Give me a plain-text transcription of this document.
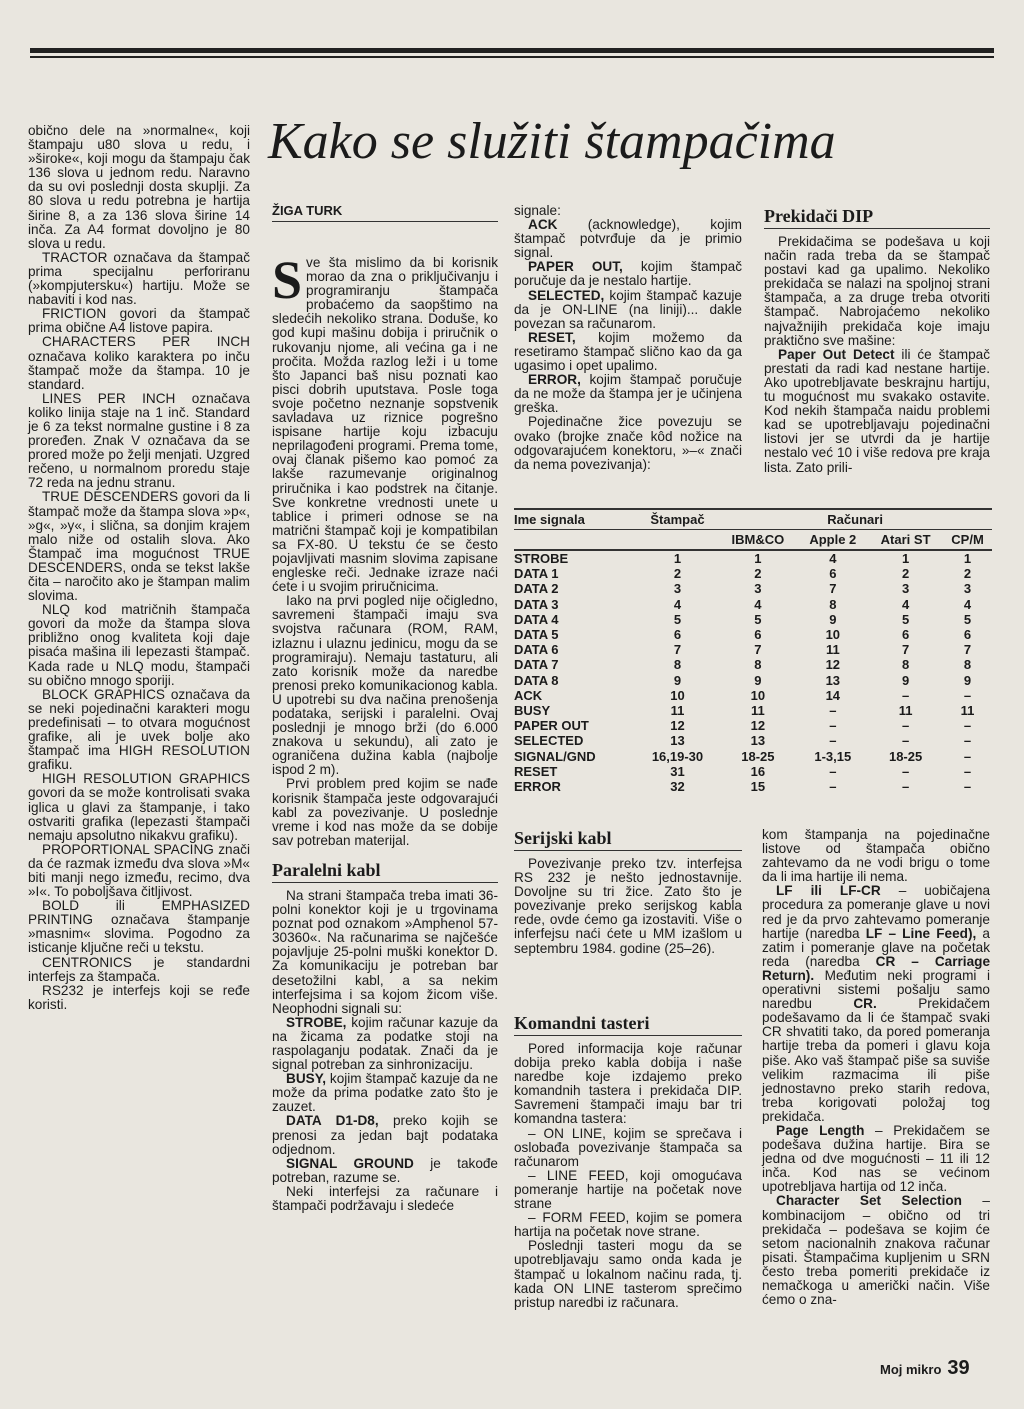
obično dele na »normalne«, koji štampaju u80 slova u redu, i »široke«, koji mogu da štampaju čak 136 slova u jednom redu. Naravno da su ovi poslednji dosta skuplji. Za 80 slova u redu potrebna je hartija širine 8, a za 136 slova širine 14 inča. Za A4 format dovoljno je 80 slova u redu.

TRACTOR označava da štampač prima specijalnu perforiranu (»kompjutersku«) hartiju. Može se nabaviti i kod nas.

FRICTION govori da štampač prima obične A4 listove papira.

CHARACTERS PER INCH označava koliko karaktera po inču štampač može da štampa. 10 je standard.

LINES PER INCH označava koliko linija staje na 1 inč. Standard je 6 za tekst normalne gustine i 8 za proređen. Znak V označava da se prored može po želji menjati. Uzgred rečeno, u normalnom proredu staje 72 reda na jednu stranu.

TRUE DESCENDERS govori da li štampač može da štampa slova »p«, »g«, »y«, i slična, sa donjim krajem malo niže od ostalih slova. Ako Štampač ima mogućnost TRUE DESCENDERS, onda se tekst lakše čita – naročito ako je štampan malim slovima.

NLQ kod matričnih štampača govori da može da štampa slova približno onog kvaliteta koji daje pisaća mašina ili lepezasti štampač. Kada rade u NLQ modu, štampači su obično mnogo sporiji.

BLOCK GRAPHICS označava da se neki pojedinačni karakteri mogu predefinisati – to otvara mogućnost grafike, ali je uvek bolje ako štampač ima HIGH RESOLUTION grafiku.

HIGH RESOLUTION GRAPHICS govori da se može kontrolisati svaka iglica u glavi za štampanje, i tako ostvariti grafika (lepezasti štampači nemaju apsolutno nikakvu grafiku).

PROPORTIONAL SPACING znači da će razmak između dva slova »M« biti manji nego između, recimo, dva »I«. To poboljšava čitljivost.

BOLD ili EMPHASIZED PRINTING označava štampanje »masnim« slovima. Pogodno za isticanje ključne reči u tekstu.

CENTRONICS je standardni interfejs za štampača.

RS232 je interfejs koji se ređe koristi.

Kako se služiti štampačima
ŽIGA TURK

Sve šta mislimo da bi korisnik morao da zna o priključivanju i programiranju štampača probaćemo da saopštimo na sledećih nekoliko strana. Doduše, ko god kupi mašinu dobija i priručnik o rukovanju njome, ali većina ga i ne pročita. Možda razlog leži i u tome što Japanci baš nisu poznati kao pisci dobrih uputstava. Posle toga svoje početno neznanje sopstvenik savladava uz riznice pogrešno ispisane hartije koju izbacuju neprilagođeni programi. Prema tome, ovaj članak pišemo kao pomoć za lakše razumevanje originalnog priručnika i kao podstrek na čitanje. Sve konkretne vrednosti unete u tablice i primeri odnose se na matrični štampač koji je kompatibilan sa FX-80. U tekstu će se često pojavljivati masnim slovima zapisane engleske reči. Jednake izraze naći ćete i u svojim priručnicima.

Iako na prvi pogled nije očigledno, savremeni štampači imaju sva svojstva računara (ROM, RAM, izlaznu i ulaznu jedinicu, mogu da se programiraju). Nemaju tastaturu, ali zato korisnik može da naredbe prenosi preko komunikacionog kabla. U upotrebi su dva načina prenošenja podataka, serijski i paralelni. Ovaj poslednji je mnogo brži (do 6.000 znakova u sekundu), ali zato je ograničena dužina kabla (najbolje ispod 2 m).

Prvi problem pred kojim se nađe korisnik štampača jeste odgovarajući kabl za povezivanje. U poslednje vreme i kod nas može da se dobije sav potreban materijal.

Paralelni kabl

Na strani štampača treba imati 36-polni konektor koji je u trgovinama poznat pod oznakom »Amphenol 57-30360«. Na računarima se najčešće pojavljuje 25-polni muški konektor D. Za komunikaciju je potreban bar desetožilni kabl, a sa nekim interfejsima i sa kojom žicom više. Neophodni signali su:

STROBE, kojim računar kazuje da na žicama za podatke stoji na raspolaganju podatak. Znači da je signal potreban za sinhronizaciju.

BUSY, kojim štampač kazuje da ne može da prima podatke zato što je zauzet.

DATA D1-D8, preko kojih se prenosi za jedan bajt podataka odjednom.

SIGNAL GROUND je takođe potreban, razume se.

Neki interfejsi za računare i štampači podržavaju i sledeće

signale:

ACK (acknowledge), kojim štampač potvrđuje da je primio signal.

PAPER OUT, kojim štampač poručuje da je nestalo hartije.

SELECTED, kojim štampač kazuje da je ON-LINE (na liniji)... dakle povezan sa računarom.

RESET, kojim možemo da resetiramo štampač slično kao da ga ugasimo i opet upalimo.

ERROR, kojim štampač poručuje da ne može da štampa jer je učinjena greška.

Pojedinačne žice povezuju se ovako (brojke znače kôd nožice na odgovarajućem konektoru, »–« znači da nema povezivanja):

Prekidači DIP

Prekidačima se podešava u koji način rada treba da se štampač postavi kad ga upalimo. Nekoliko prekidača se nalazi na spoljnoj strani štampača, a za druge treba otvoriti štampač. Nabrojaćemo nekoliko najvažnijih prekidača koje imaju praktično sve mašine:

Paper Out Detect ili će štampač prestati da radi kad nestane hartije. Ako upotrebljavate beskrajnu hartiju, tu mogućnost mu svakako ostavite. Kod nekih štampača naidu problemi kad se upotrebljavaju pojedinačni listovi jer se utvrdi da je hartije nestalo već 10 i više redova pre kraja lista. Zato prili-

Ime signala	Štampač	Računari			
		IBM&CO	Apple 2	Atari ST	CP/M
STROBE	1	1	4	1	1
DATA 1	2	2	6	2	2
DATA 2	3	3	7	3	3
DATA 3	4	4	8	4	4
DATA 4	5	5	9	5	5
DATA 5	6	6	10	6	6
DATA 6	7	7	11	7	7
DATA 7	8	8	12	8	8
DATA 8	9	9	13	9	9
ACK	10	10	14	–	–
BUSY	11	11	–	11	11
PAPER OUT	12	12	–	–	–
SELECTED	13	13	–	–	–
SIGNAL/GND	16,19-30	18-25	1-3,15	18-25	–
RESET	31	16	–	–	–
ERROR	32	15	–	–	–
Serijski kabl

Povezivanje preko tzv. interfejsa RS 232 je nešto jednostavnije. Dovoljne su tri žice. Zato što je povezivanje preko serijskog kabla rede, ovde ćemo ga izostaviti. Više o inferfejsu naći ćete u MM izašlom u septembru 1984. godine (25–26).

Komandni tasteri

Pored informacija koje računar dobija preko kabla dobija i naše naredbe koje izdajemo preko komandnih tastera i prekidača DIP. Savremeni štampači imaju bar tri komandna tastera:

– ON LINE, kojim se sprečava i oslobađa povezivanje štampača sa računarom

– LINE FEED, koji omogućava pomeranje hartije na početak nove strane

– FORM FEED, kojim se pomera hartija na početak nove strane.

Poslednji tasteri mogu da se upotrebljavaju samo onda kada je štampač u lokalnom načinu rada, tj. kada ON LINE tasterom sprečimo pristup naredbi iz računara.

kom štampanja na pojedinačne listove od štampača obično zahtevamo da ne vodi brigu o tome da li ima hartije ili nema.

LF ili LF-CR – uobičajena procedura za pomeranje glave u novi red je da prvo zahtevamo pomeranje hartije (naredba LF – Line Feed), a zatim i pomeranje glave na početak reda (naredba CR – Carriage Return). Međutim neki programi i operativni sistemi pošalju samo naredbu CR. Prekidačem podešavamo da li će štampač svaki CR shvatiti tako, da pored pomeranja hartije treba da pomeri i glavu koja piše. Ako vaš štampač piše sa suviše velikim razmacima ili piše jednostavno preko starih redova, treba korigovati položaj tog prekidača.

Page Length – Prekidačem se podešava dužina hartije. Bira se jedna od dve mogućnosti – 11 ili 12 inča. Kod nas se većinom upotrebljava hartija od 12 inča.

Character Set Selection – kombinacijom – obično od tri prekidača – podešava se kojim će setom nacionalnih znakova računar pisati. Štampačima kupljenim u SRN često treba pomeriti prekidače iz nemačkoga u američki način. Više ćemo o zna-

Moj mikro 39
